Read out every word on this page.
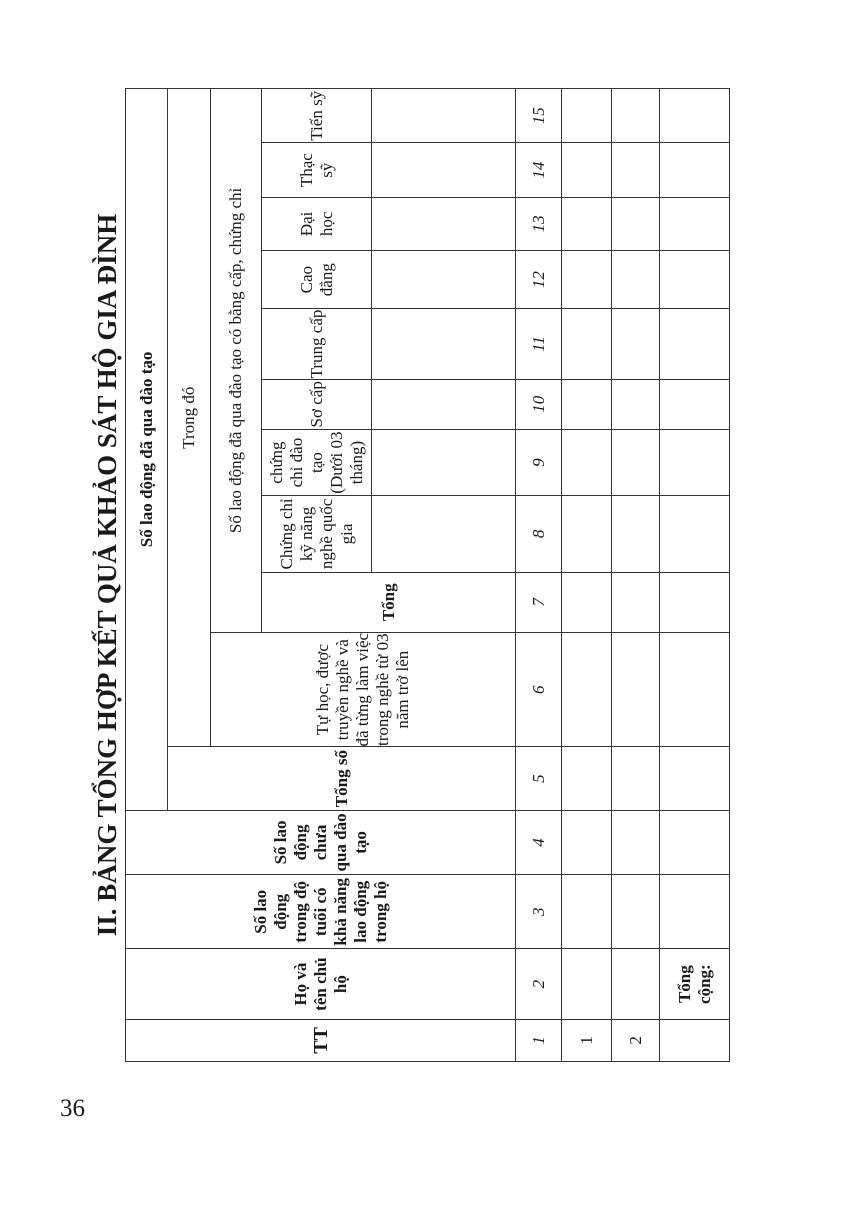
36
II. BẢNG TỔNG HỢP KẾT QUẢ KHẢO SÁT HỘ GIA ĐÌNH
TT	Họ và tên chủ hộ	Số lao động trong độ tuổi có khả năng lao động trong hộ	Số lao động chưa qua đào tạo	Số lao động đã qua đào tạo										
				Tổng số	Trong đó									
					Tự học, được truyền nghề và đã từng làm việc trong nghề từ 03 năm trở lên	Số lao động đã qua đào tạo có bằng cấp, chứng chỉ								
						Tổng	Chứng chỉ kỹ năng nghề quốc gia	chứng chỉ đào tạo (Dưới 03 tháng)	Sơ cấp	Trung cấp	Cao đẳng	Đại học	Thạc sỹ	Tiến sỹ

1	2	3	4	5	6	7	8	9	10	11	12	13	14	15
1														
2														
	Tổng cộng:													
